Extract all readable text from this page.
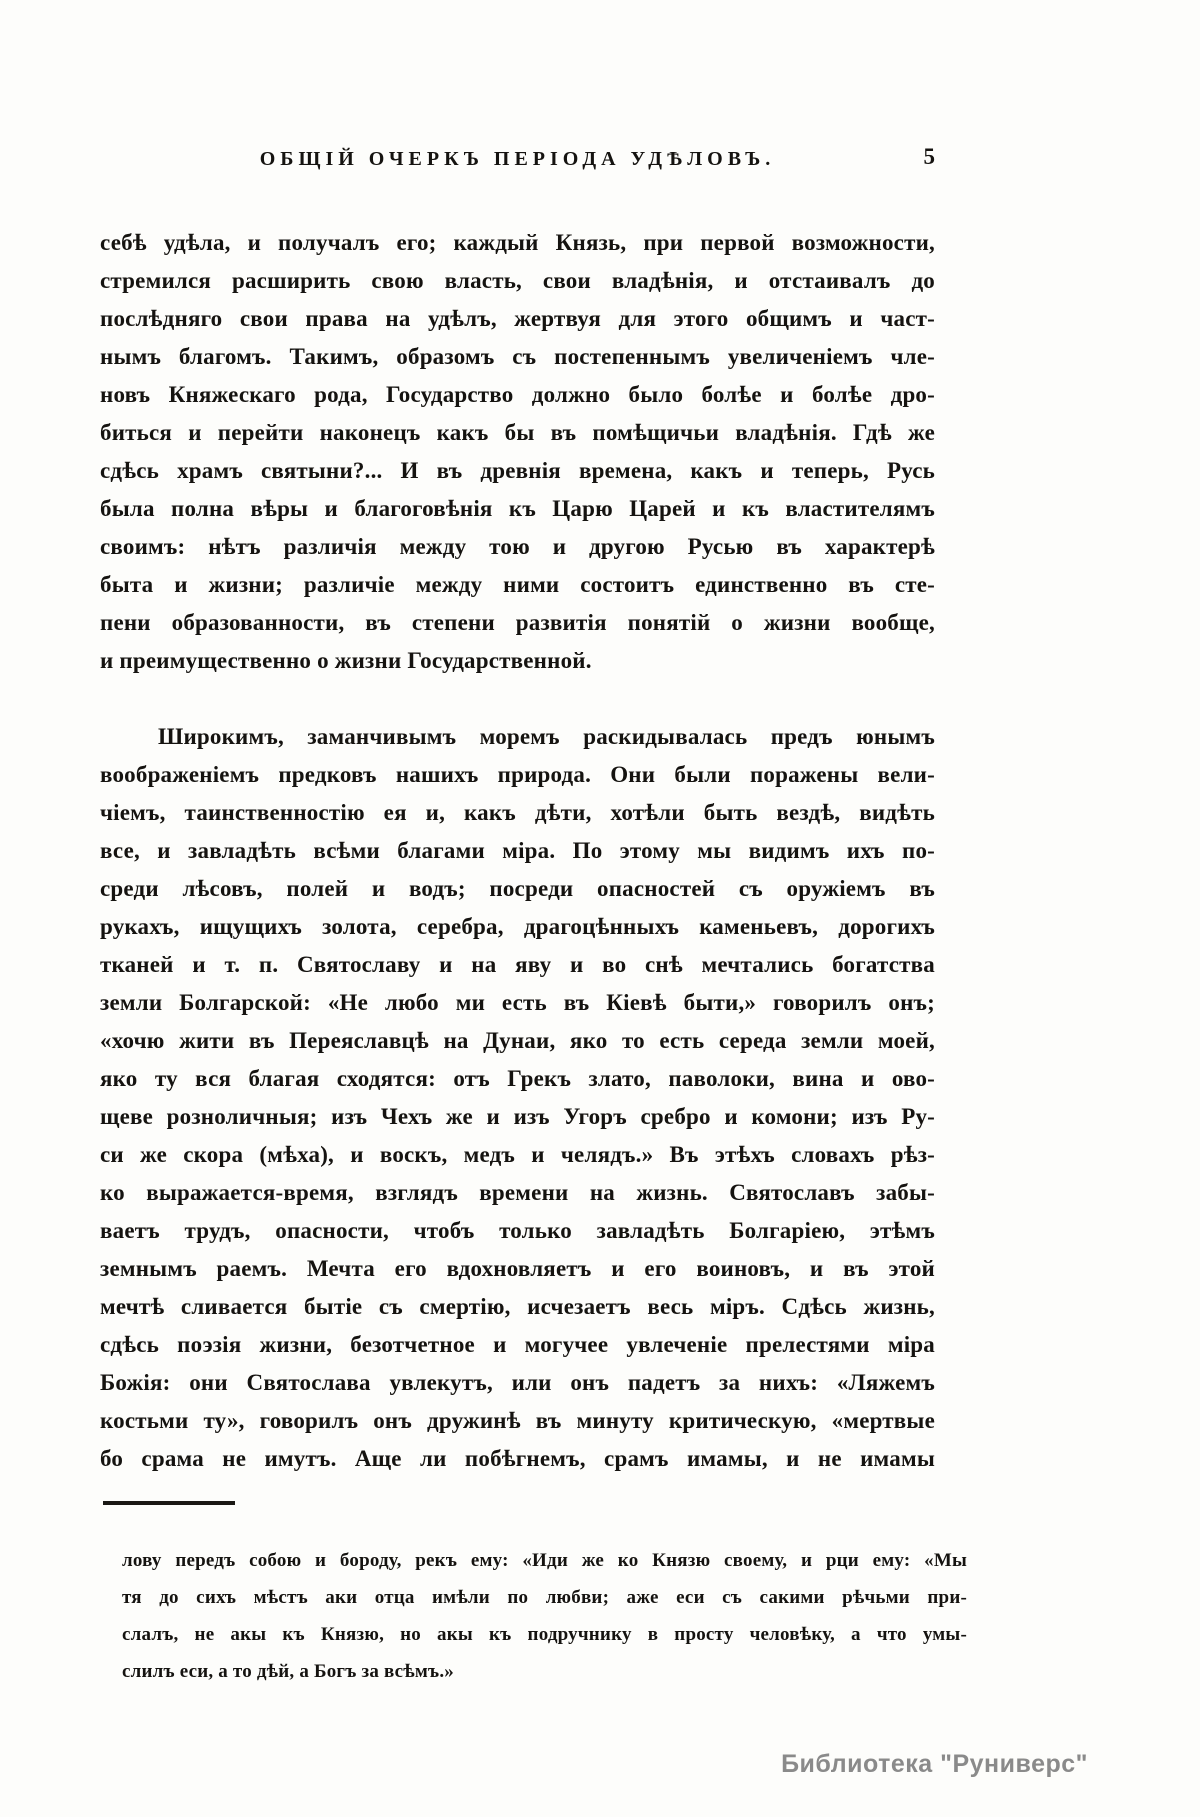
ОБЩІЙ ОЧЕРКЪ ПЕРІОДА УДѢЛОВЪ.	5
себѣ удѣла, и получалъ его; каждый Князь, при первой возможности,
стремился расширить свою власть, свои владѣнія, и отстаивалъ до
послѣдняго свои права на удѣлъ, жертвуя для этого общимъ и част-
нымъ благомъ. Такимъ, образомъ съ постепеннымъ увеличеніемъ чле-
новъ Княжескаго рода, Государство должно было болѣе и болѣе дро-
биться и перейти наконецъ какъ бы въ помѣщичьи владѣнія. Гдѣ же
сдѣсь храмъ святыни?... И въ древнія времена, какъ и теперь, Русь
была полна вѣры и благоговѣнія къ Царю Царей и къ властителямъ
своимъ: нѣтъ различія между тою и другою Русью въ характерѣ
быта и жизни; различіе между ними состоитъ единственно въ сте-
пени образованности, въ степени развитія понятій о жизни вообще,
и преимущественно о жизни Государственной.
Широкимъ, заманчивымъ моремъ раскидывалась предъ юнымъ
воображеніемъ предковъ нашихъ природа. Они были поражены вели-
чіемъ, таинственностію ея и, какъ дѣти, хотѣли быть вездѣ, видѣть
все, и завладѣть всѣми благами міра. По этому мы видимъ ихъ по-
среди лѣсовъ, полей и водъ; посреди опасностей съ оружіемъ въ
рукахъ, ищущихъ золота, серебра, драгоцѣнныхъ каменьевъ, дорогихъ
тканей и т. п. Святославу и на яву и во снѣ мечтались богатства
земли Болгарской: «Не любо ми есть въ Кіевѣ быти,» говорилъ онъ;
«хочю жити въ Переяславцѣ на Дунаи, яко то есть середа земли моей,
яко ту вся благая сходятся: отъ Грекъ злато, паволоки, вина и ово-
щеве розноличныя; изъ Чехъ же и изъ Угоръ сребро и комони; изъ Ру-
си же скора (мѣха), и воскъ, медъ и челядъ.» Въ этѣхъ словахъ рѣз-
ко выражается-время, взглядъ времени на жизнь. Святославъ забы-
ваетъ трудъ, опасности, чтобъ только завладѣть Болгаріею, этѣмъ
земнымъ раемъ. Мечта его вдохновляетъ и его воиновъ, и въ этой
мечтѣ сливается бытіе съ смертію, исчезаетъ весь міръ. Сдѣсь жизнь,
сдѣсь поэзія жизни, безотчетное и могучее увлеченіе прелестями міра
Божія: они Святослава увлекутъ, или онъ падетъ за нихъ: «Ляжемъ
костьми ту», говорилъ онъ дружинѣ въ минуту критическую, «мертвые
бо срама не имутъ. Аще ли побѣгнемъ, срамъ имамы, и не имамы
лову передъ собою и бороду, рекъ ему: «Иди же ко Князю своему, и рци ему: «Мы
тя до сихъ мѣстъ аки отца имѣли по любви; аже еси съ сакими рѣчьми при-
слалъ, не акы къ Князю, но акы къ подручнику в просту человѣку, а что умы-
слилъ еси, а то дѣй, а Богъ за всѣмъ.»
Библиотека "Руниверс"
